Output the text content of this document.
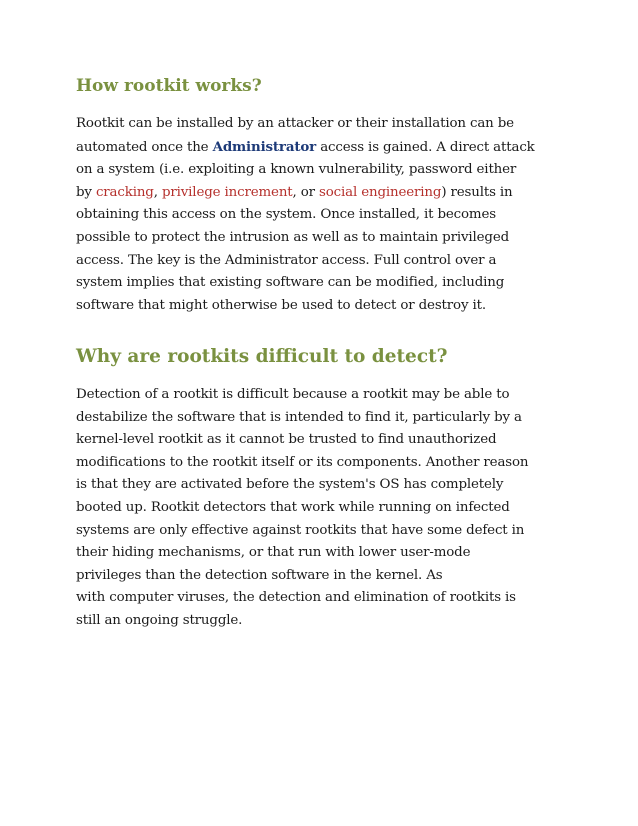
How rootkit works?

Rootkit can be installed by an attacker or their installation can be
automated once the Administrator access is gained. A direct attack
on a system (i.e. exploiting a known vulnerability, password either
by cracking, privilege increment, or social engineering) results in
obtaining this access on the system. Once installed, it becomes
possible to protect the intrusion as well as to maintain privileged
access. The key is the Administrator access. Full control over a
system implies that existing software can be modified, including
software that might otherwise be used to detect or destroy it.

Why are rootkits difficult to detect?

Detection of a rootkit is difficult because a rootkit may be able to
destabilize the software that is intended to find it, particularly by a
kernel-level rootkit as it cannot be trusted to find unauthorized
modifications to the rootkit itself or its components. Another reason
is that they are activated before the system's OS has completely
booted up. Rootkit detectors that work while running on infected
systems are only effective against rootkits that have some defect in
their hiding mechanisms, or that run with lower user-mode
privileges than the detection software in the kernel. As
with computer viruses, the detection and elimination of rootkits is
still an ongoing struggle.
